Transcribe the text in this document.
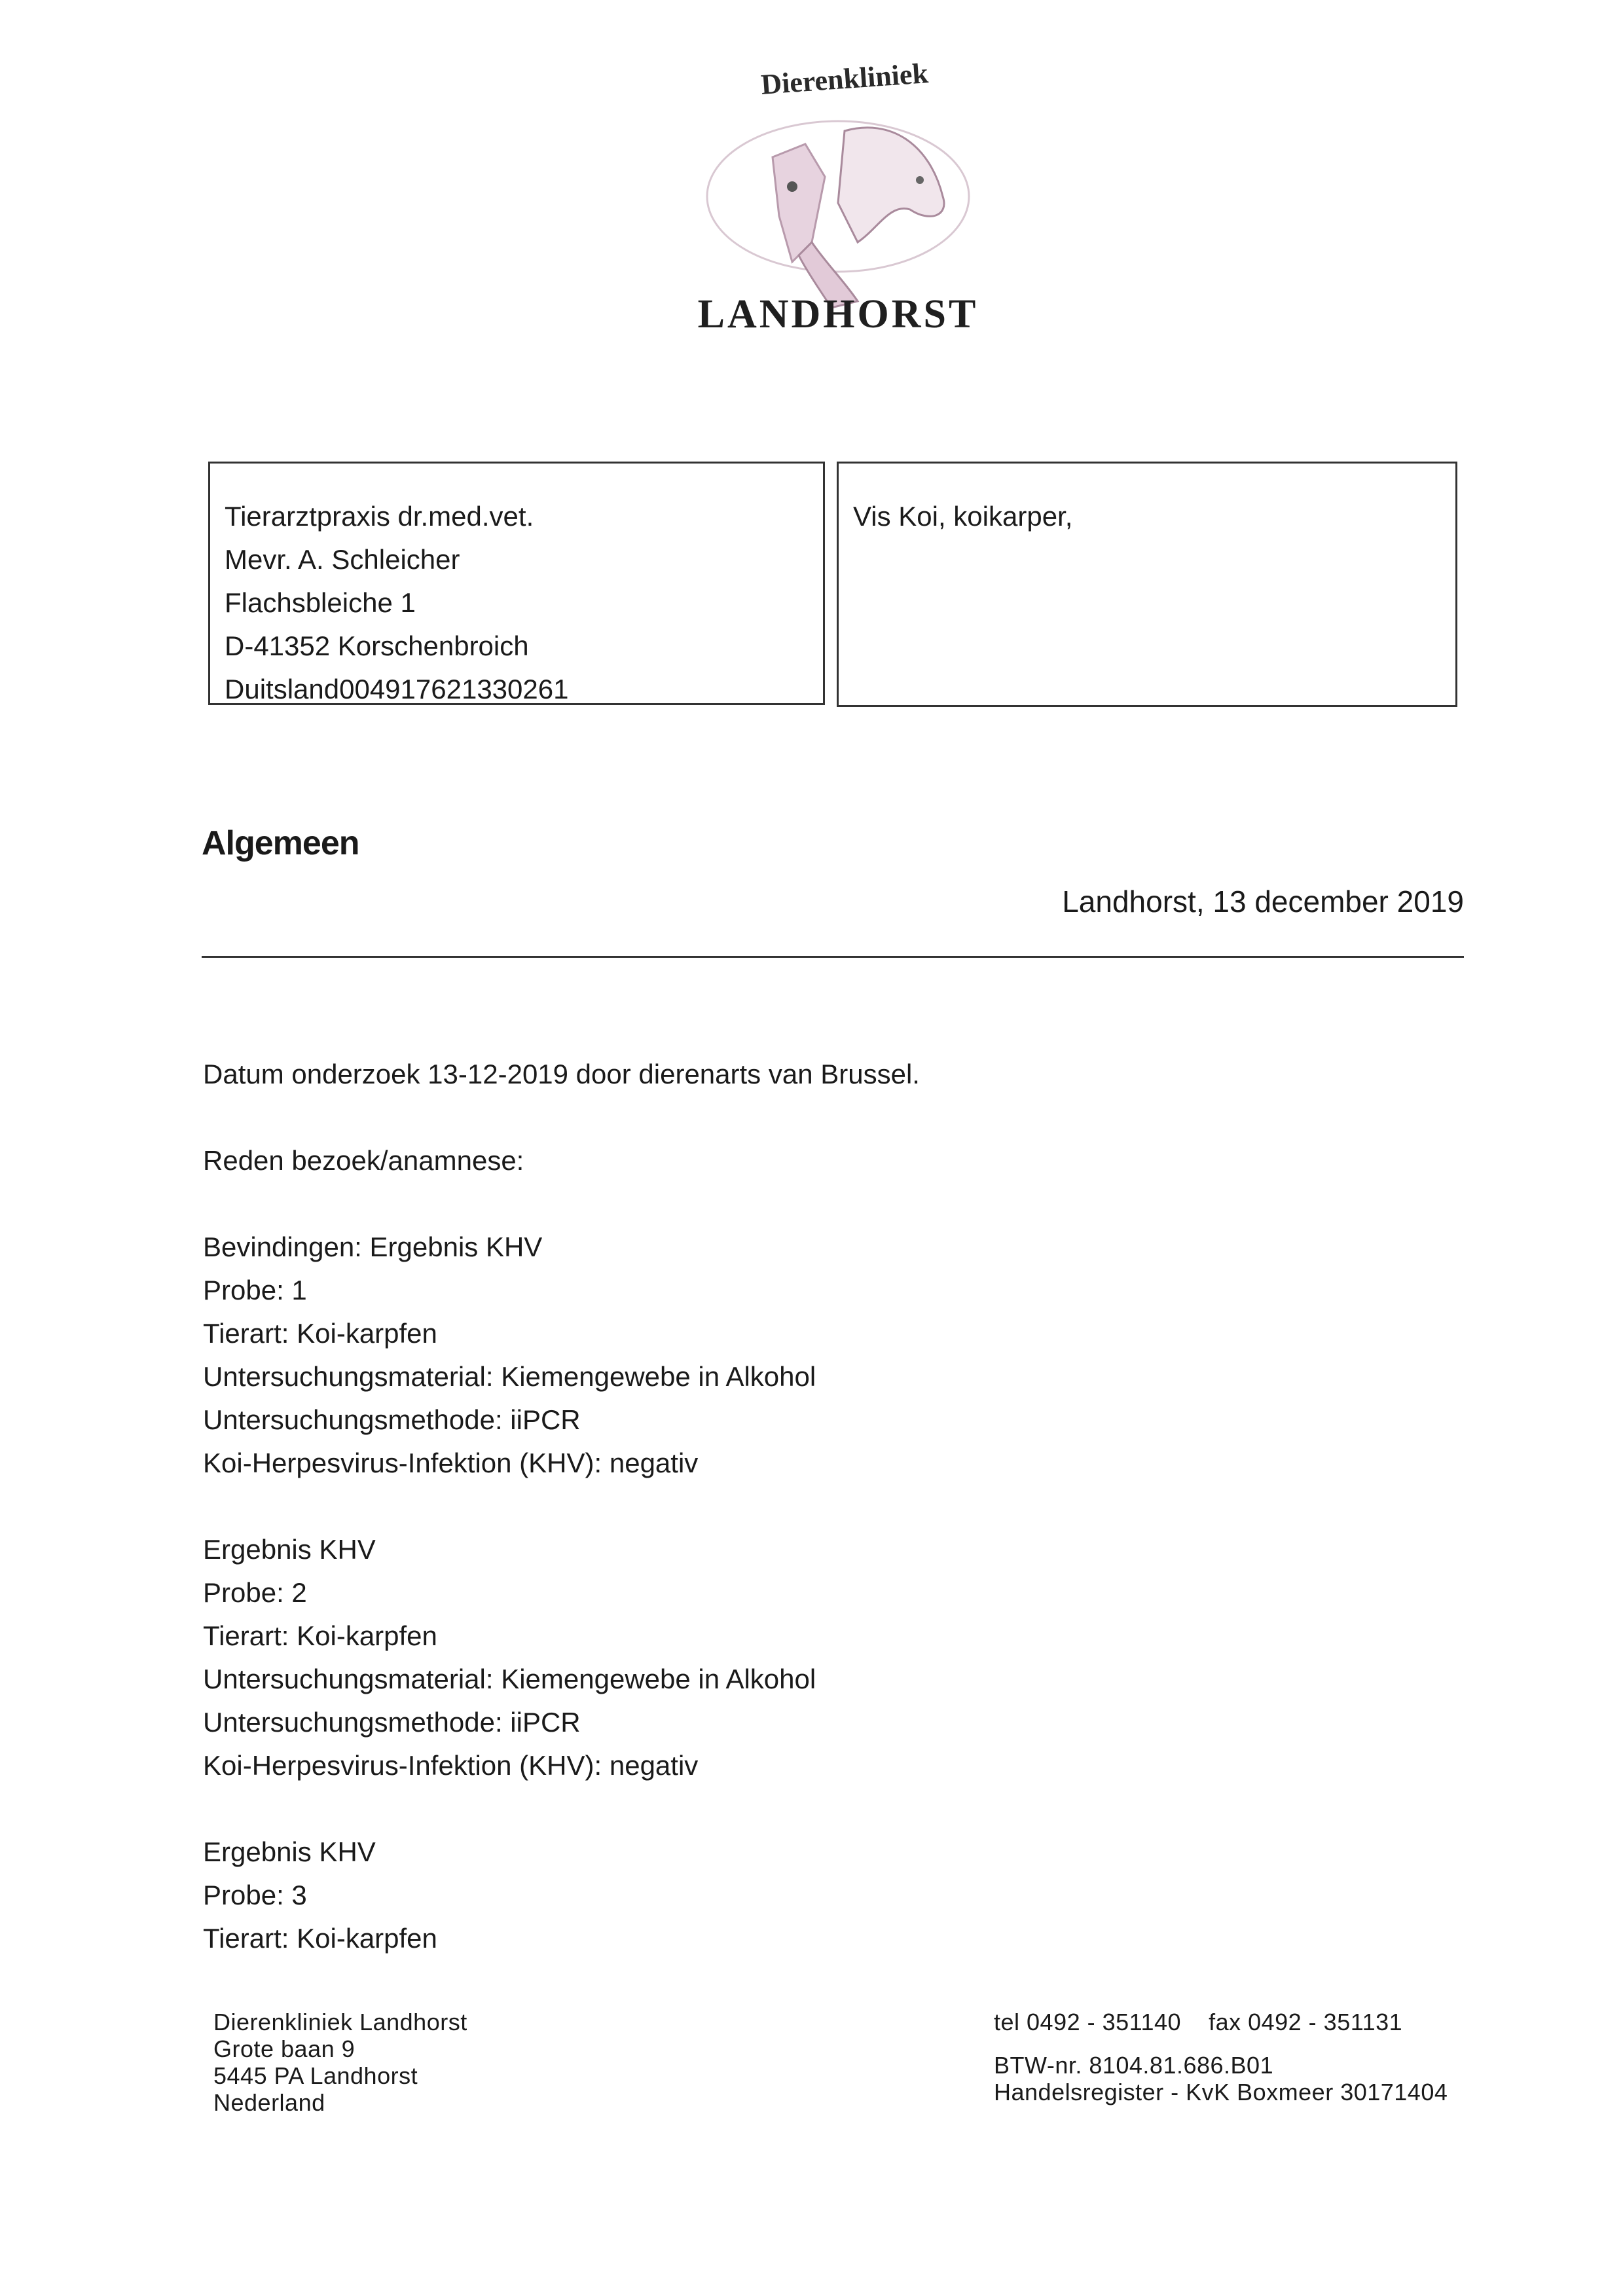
Dierenkliniek
LANDHORST
Tierarztpraxis dr.med.vet.
Mevr. A. Schleicher
Flachsbleiche 1
D-41352 Korschenbroich
Duitsland004917621330261
Vis Koi, koikarper,
Algemeen
Landhorst, 13 december 2019
Datum onderzoek 13-12-2019 door dierenarts van Brussel.
Reden bezoek/anamnese:
Bevindingen: Ergebnis KHV
Probe: 1
Tierart: Koi-karpfen
Untersuchungsmaterial: Kiemengewebe in Alkohol
Untersuchungsmethode: iiPCR
Koi-Herpesvirus-Infektion (KHV): negativ
Ergebnis KHV
Probe: 2
Tierart: Koi-karpfen
Untersuchungsmaterial: Kiemengewebe in Alkohol
Untersuchungsmethode: iiPCR
Koi-Herpesvirus-Infektion (KHV): negativ
Ergebnis KHV
Probe: 3
Tierart: Koi-karpfen
Dierenkliniek Landhorst
Grote baan 9
5445 PA Landhorst
Nederland
tel 0492 - 351140    fax 0492 - 351131
BTW-nr. 8104.81.686.B01
Handelsregister - KvK Boxmeer 30171404
